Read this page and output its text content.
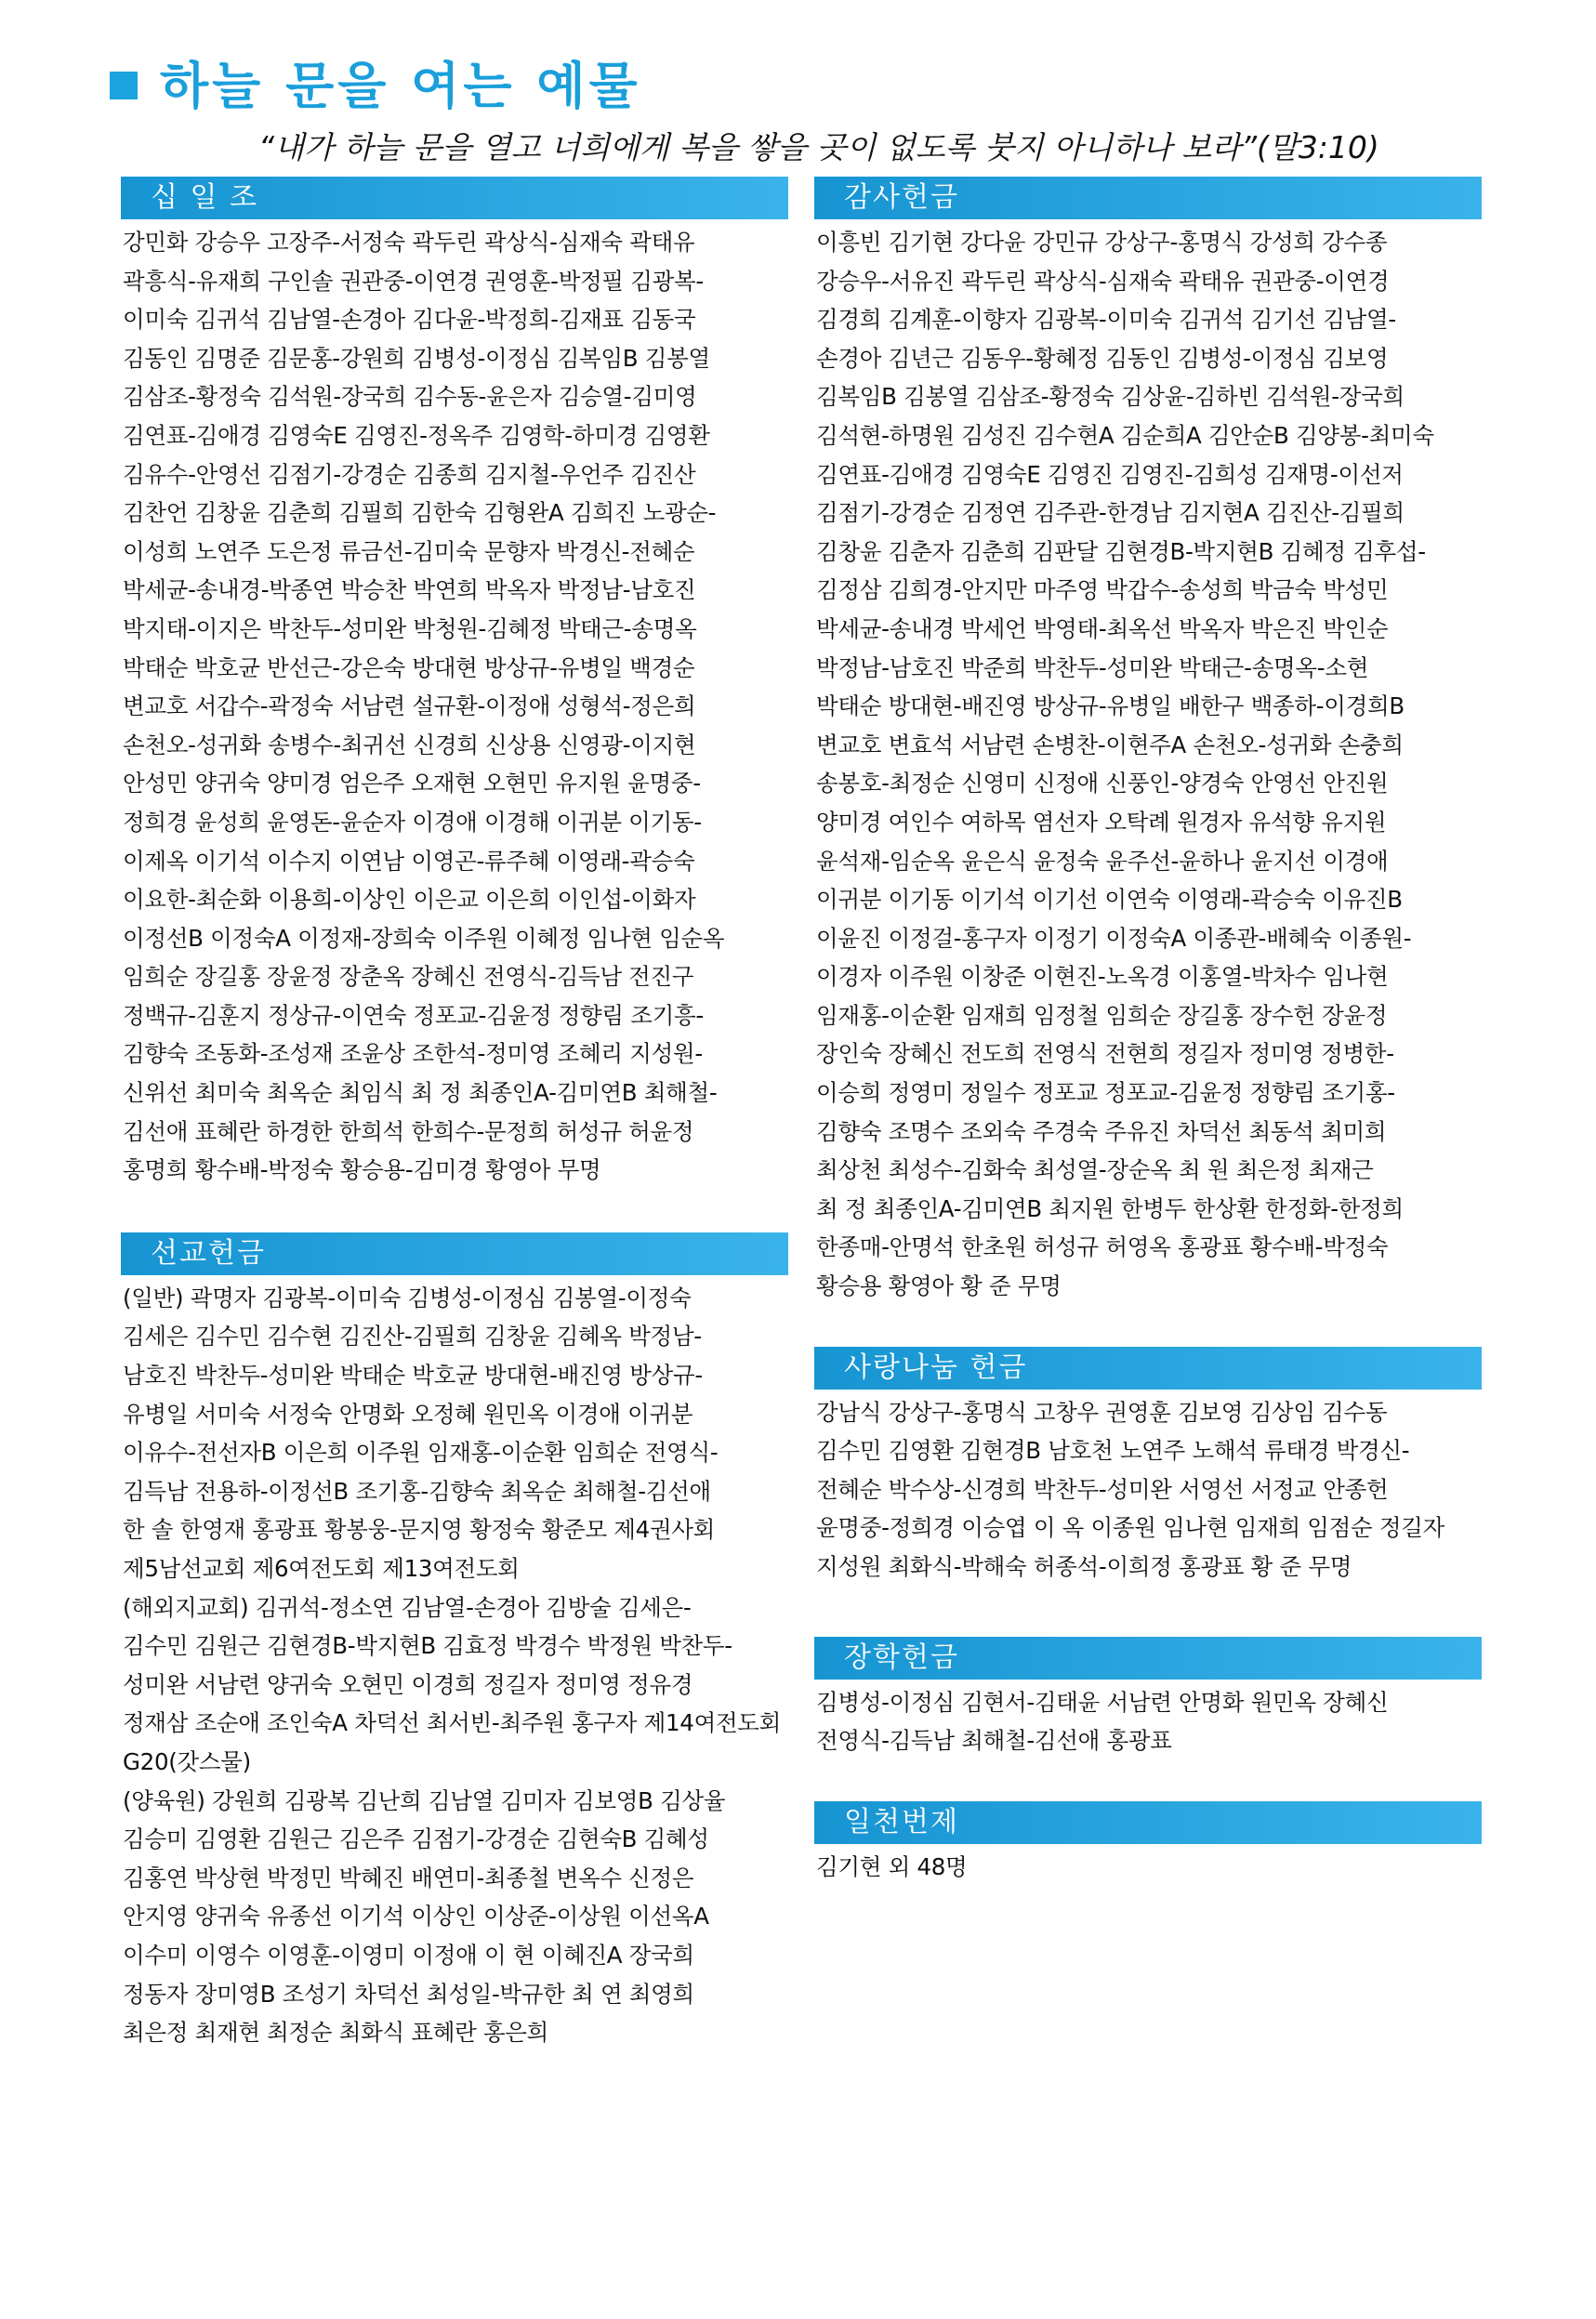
하늘 문을 여는 예물
“내가 하늘 문을 열고 너희에게 복을 쌓을 곳이 없도록 붓지 아니하나 보라”(말3:10)
십 일 조
강민화 강승우 고장주-서정숙 곽두린 곽상식-심재숙 곽태유
곽흥식-유재희 구인솔 권관중-이연경 권영훈-박정필 김광복-
이미숙 김귀석 김남열-손경아 김다윤-박정희-김재표 김동국
김동인 김명준 김문홍-강원희 김병성-이정심 김복임B 김봉열
김삼조-황정숙 김석원-장국희 김수동-윤은자 김승열-김미영
김연표-김애경 김영숙E 김영진-정옥주 김영학-하미경 김영환
김유수-안영선 김점기-강경순 김종희 김지철-우언주 김진산
김찬언 김창윤 김춘희 김필희 김한숙 김형완A 김희진 노광순-
이성희 노연주 도은정 류금선-김미숙 문향자 박경신-전혜순
박세균-송내경-박종연 박승찬 박연희 박옥자 박정남-남호진
박지태-이지은 박찬두-성미완 박청원-김혜정 박태근-송명옥
박태순 박호균 반선근-강은숙 방대현 방상규-유병일 백경순
변교호 서갑수-곽정숙 서남련 설규환-이정애 성형석-정은희
손천오-성귀화 송병수-최귀선 신경희 신상용 신영광-이지현
안성민 양귀숙 양미경 엄은주 오재현 오현민 유지원 윤명중-
정희경 윤성희 윤영돈-윤순자 이경애 이경해 이귀분 이기동-
이제옥 이기석 이수지 이연남 이영곤-류주혜 이영래-곽승숙
이요한-최순화 이용희-이상인 이은교 이은희 이인섭-이화자
이정선B 이정숙A 이정재-장희숙 이주원 이혜정 임나현 임순옥
임희순 장길홍 장윤정 장춘옥 장혜신 전영식-김득남 전진구
정백규-김훈지 정상규-이연숙 정포교-김윤정 정향림 조기흥-
김향숙 조동화-조성재 조윤상 조한석-정미영 조혜리 지성원-
신위선 최미숙 최옥순 최임식 최 정 최종인A-김미연B 최해철-
김선애 표혜란 하경한 한희석 한희수-문정희 허성규 허윤정
홍명희 황수배-박정숙 황승용-김미경 황영아 무명
선교헌금
(일반) 곽명자 김광복-이미숙 김병성-이정심 김봉열-이정숙
김세은 김수민 김수현 김진산-김필희 김창윤 김혜옥 박정남-
남호진 박찬두-성미완 박태순 박호균 방대현-배진영 방상규-
유병일 서미숙 서정숙 안명화 오정혜 원민옥 이경애 이귀분
이유수-전선자B 이은희 이주원 임재홍-이순환 임희순 전영식-
김득남 전용하-이정선B 조기홍-김향숙 최옥순 최해철-김선애
한 솔 한영재 홍광표 황봉웅-문지영 황정숙 황준모 제4권사회
제5남선교회 제6여전도회 제13여전도회
(해외지교회) 김귀석-정소연 김남열-손경아 김방술 김세은-
김수민 김원근 김현경B-박지현B 김효정 박경수 박정원 박찬두-
성미완 서남련 양귀숙 오현민 이경희 정길자 정미영 정유경
정재삼 조순애 조인숙A 차덕선 최서빈-최주원 홍구자 제14여전도회
G20(갓스물)
(양육원) 강원희 김광복 김난희 김남열 김미자 김보영B 김상율
김승미 김영환 김원근 김은주 김점기-강경순 김현숙B 김혜성
김홍연 박상현 박정민 박혜진 배연미-최종철 변옥수 신정은
안지영 양귀숙 유종선 이기석 이상인 이상준-이상원 이선옥A
이수미 이영수 이영훈-이영미 이정애 이 현 이혜진A 장국희
정동자 장미영B 조성기 차덕선 최성일-박규한 최 연 최영희
최은정 최재현 최정순 최화식 표혜란 홍은희
감사헌금
이흥빈 김기현 강다윤 강민규 강상구-홍명식 강성희 강수종
강승우-서유진 곽두린 곽상식-심재숙 곽태유 권관중-이연경
김경희 김계훈-이향자 김광복-이미숙 김귀석 김기선 김남열-
손경아 김년근 김동우-황혜정 김동인 김병성-이정심 김보영
김복임B 김봉열 김삼조-황정숙 김상윤-김하빈 김석원-장국희
김석현-하명원 김성진 김수현A 김순희A 김안순B 김양봉-최미숙
김연표-김애경 김영숙E 김영진 김영진-김희성 김재명-이선저
김점기-강경순 김정연 김주관-한경남 김지현A 김진산-김필희
김창윤 김춘자 김춘희 김판달 김현경B-박지현B 김혜정 김후섭-
김정삼 김희경-안지만 마주영 박갑수-송성희 박금숙 박성민
박세균-송내경 박세언 박영태-최옥선 박옥자 박은진 박인순
박정남-남호진 박준희 박찬두-성미완 박태근-송명옥-소현
박태순 방대현-배진영 방상규-유병일 배한구 백종하-이경희B
변교호 변효석 서남련 손병찬-이현주A 손천오-성귀화 손충희
송봉호-최정순 신영미 신정애 신풍인-양경숙 안영선 안진원
양미경 여인수 여하목 염선자 오탁례 원경자 유석향 유지원
윤석재-임순옥 윤은식 윤정숙 윤주선-윤하나 윤지선 이경애
이귀분 이기동 이기석 이기선 이연숙 이영래-곽승숙 이유진B
이윤진 이정걸-홍구자 이정기 이정숙A 이종관-배혜숙 이종원-
이경자 이주원 이창준 이현진-노옥경 이홍열-박차수 임나현
임재홍-이순환 임재희 임정철 임희순 장길홍 장수헌 장윤정
장인숙 장혜신 전도희 전영식 전현희 정길자 정미영 정병한-
이승희 정영미 정일수 정포교 정포교-김윤정 정향림 조기홍-
김향숙 조명수 조외숙 주경숙 주유진 차덕선 최동석 최미희
최상천 최성수-김화숙 최성열-장순옥 최 원 최은정 최재근
최 정 최종인A-김미연B 최지원 한병두 한상환 한정화-한정희
한종매-안명석 한초원 허성규 허영옥 홍광표 황수배-박정숙
황승용 황영아 황 준 무명
사랑나눔 헌금
강남식 강상구-홍명식 고창우 권영훈 김보영 김상임 김수동
김수민 김영환 김현경B 남호천 노연주 노해석 류태경 박경신-
전혜순 박수상-신경희 박찬두-성미완 서영선 서정교 안종헌
윤명중-정희경 이승엽 이 옥 이종원 임나현 임재희 임점순 정길자
지성원 최화식-박해숙 허종석-이희정 홍광표 황 준 무명
장학헌금
김병성-이정심 김현서-김태윤 서남련 안명화 원민옥 장혜신
전영식-김득남 최해철-김선애 홍광표
일천번제
김기현 외 48명
